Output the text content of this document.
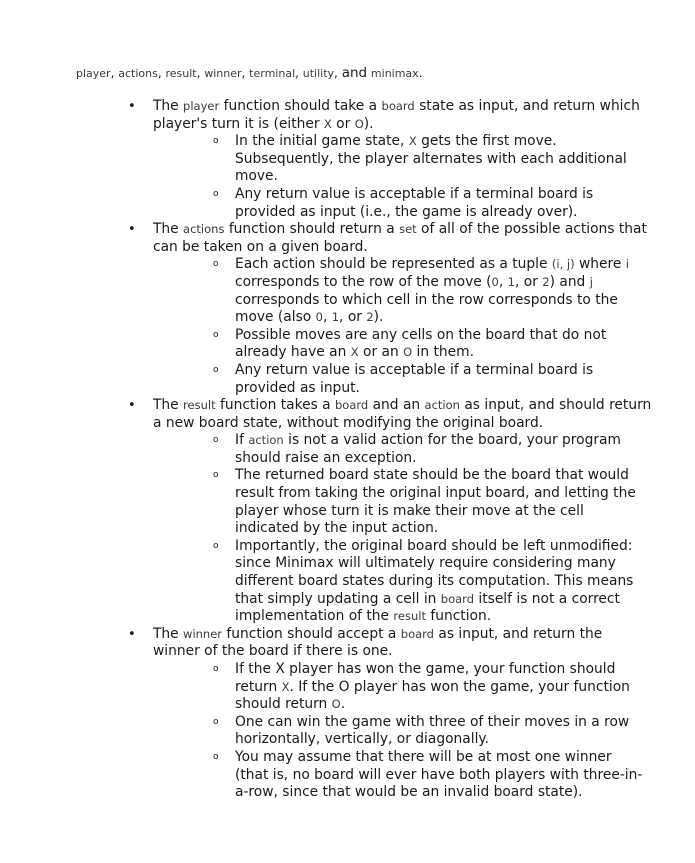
player, actions, result, winner, terminal, utility, and minimax.
• The player function should take a board state as input, and return which player's turn it is (either X or O).
o In the initial game state, X gets the first move. Subsequently, the player alternates with each additional move.
o Any return value is acceptable if a terminal board is provided as input (i.e., the game is already over).
• The actions function should return a set of all of the possible actions that can be taken on a given board.
o Each action should be represented as a tuple (i, j) where i corresponds to the row of the move (0, 1, or 2) and j corresponds to which cell in the row corresponds to the move (also 0, 1, or 2).
o Possible moves are any cells on the board that do not already have an X or an O in them.
o Any return value is acceptable if a terminal board is provided as input.
• The result function takes a board and an action as input, and should return a new board state, without modifying the original board.
o If action is not a valid action for the board, your program should raise an exception.
o The returned board state should be the board that would result from taking the original input board, and letting the player whose turn it is make their move at the cell indicated by the input action.
o Importantly, the original board should be left unmodified: since Minimax will ultimately require considering many different board states during its computation. This means that simply updating a cell in board itself is not a correct implementation of the result function.
• The winner function should accept a board as input, and return the winner of the board if there is one.
o If the X player has won the game, your function should return X. If the O player has won the game, your function should return O.
o One can win the game with three of their moves in a row horizontally, vertically, or diagonally.
o You may assume that there will be at most one winner (that is, no board will ever have both players with three-in-a-row, since that would be an invalid board state).
